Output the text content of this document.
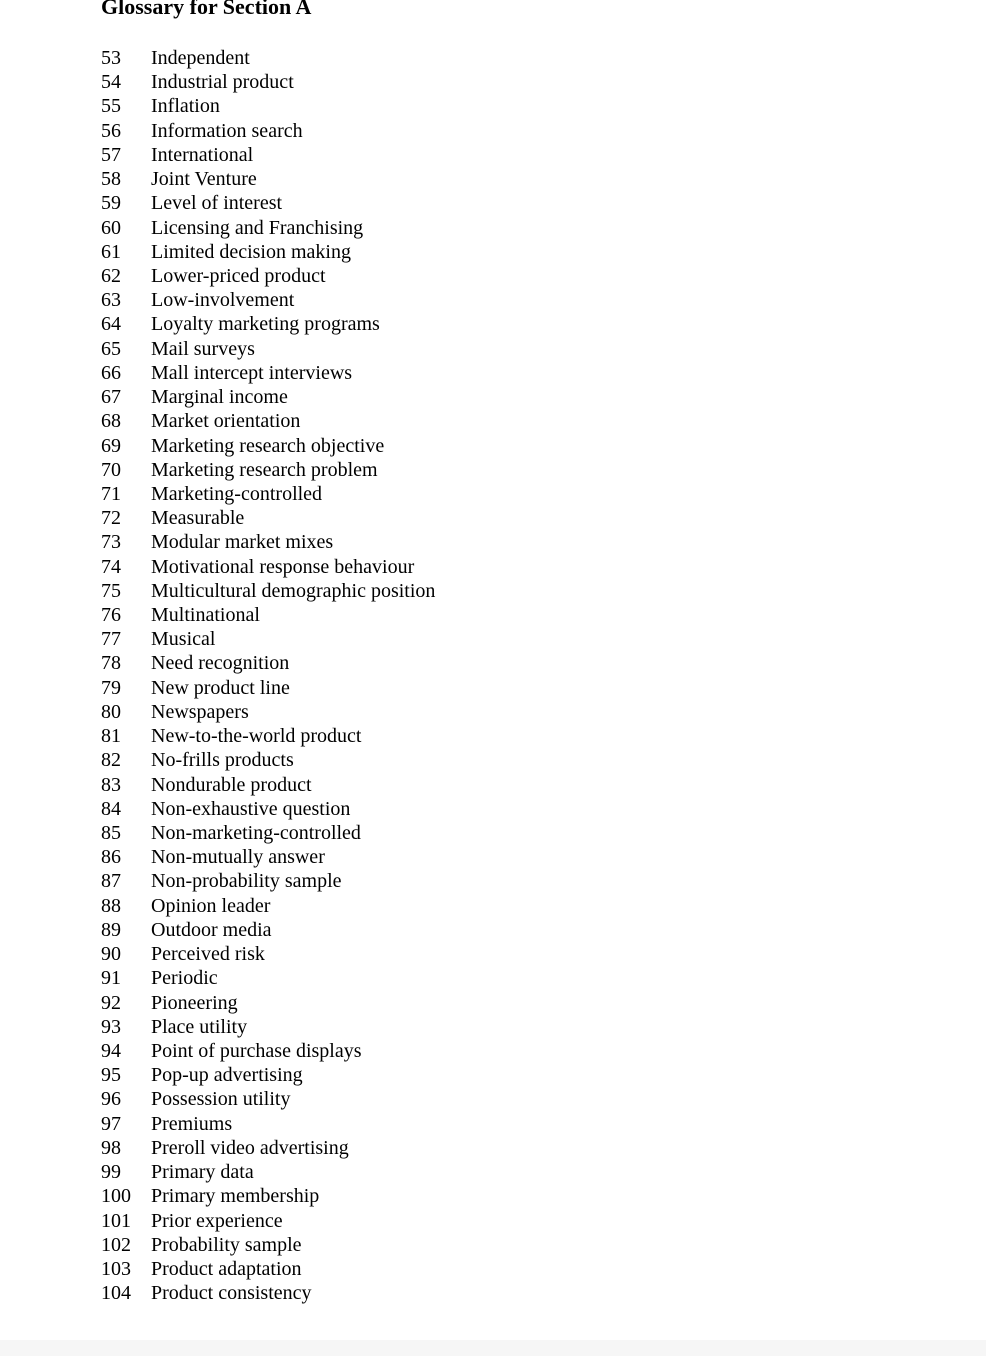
Glossary for Section A
53 Independent
54 Industrial product
55 Inflation
56 Information search
57 International
58 Joint Venture
59 Level of interest
60 Licensing and Franchising
61 Limited decision making
62 Lower-priced product
63 Low-involvement
64 Loyalty marketing programs
65 Mail surveys
66 Mall intercept interviews
67 Marginal income
68 Market orientation
69 Marketing research objective
70 Marketing research problem
71 Marketing-controlled
72 Measurable
73 Modular market mixes
74 Motivational response behaviour
75 Multicultural demographic position
76 Multinational
77 Musical
78 Need recognition
79 New product line
80 Newspapers
81 New-to-the-world product
82 No-frills products
83 Nondurable product
84 Non-exhaustive question
85 Non-marketing-controlled
86 Non-mutually answer
87 Non-probability sample
88 Opinion leader
89 Outdoor media
90 Perceived risk
91 Periodic
92 Pioneering
93 Place utility
94 Point of purchase displays
95 Pop-up advertising
96 Possession utility
97 Premiums
98 Preroll video advertising
99 Primary data
100 Primary membership
101 Prior experience
102 Probability sample
103 Product adaptation
104 Product consistency
